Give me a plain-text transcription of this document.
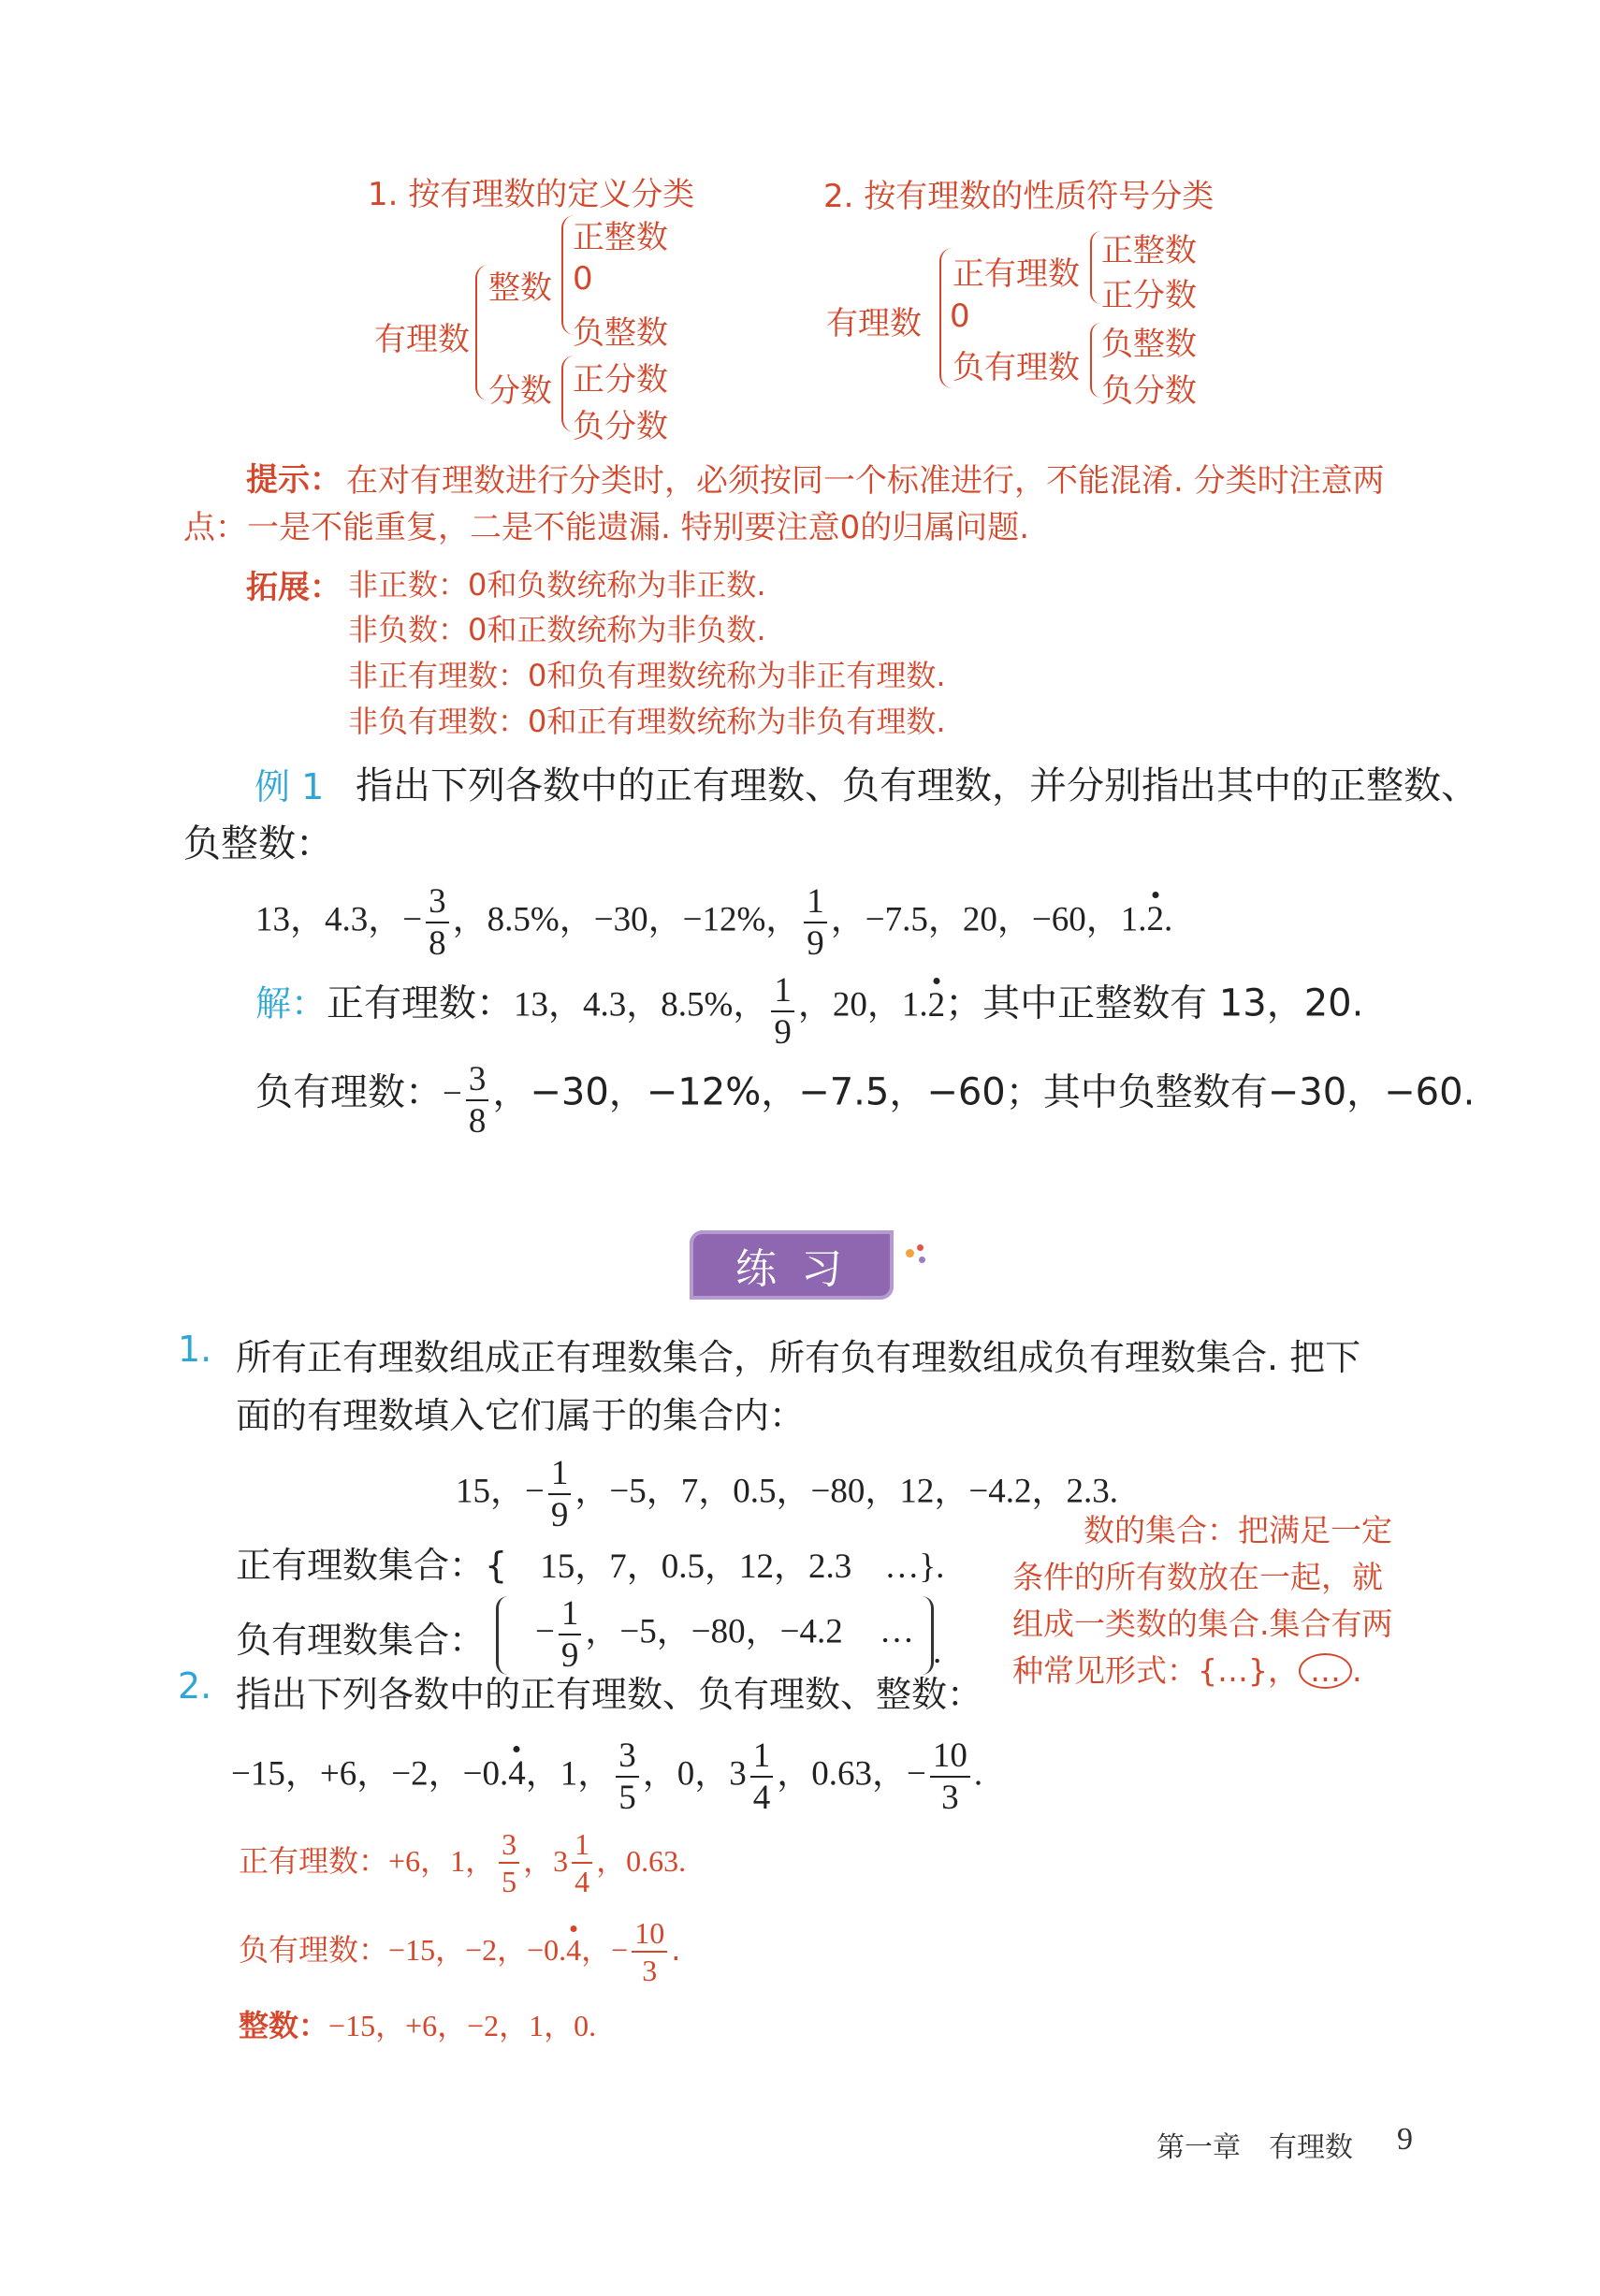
1. 按有理数的定义分类
有理数
整数
正整数
0
负整数
分数 正分数
负分数
2. 按有理数的性质符号分类
有理数
正有理数
正整数
正分数
0
负有理数
负整数
负分数
提示： 在对有理数进行分类时，必须按同一个标准进行，不能混淆. 分类时注意两
点：一是不能重复，二是不能遗漏. 特别要注意0的归属问题.
拓展： 非正数：0和负数统称为非正数.
非负数：0和正数统称为非负数.
非正有理数：0和负有理数统称为非正有理数.
非负有理数：0和正有理数统称为非负有理数.
例 1 指出下列各数中的正有理数、负有理数，并分别指出其中的正整数、
负整数：
13，4.3，− $\frac{3}{8}$ ，8.5%，−30，−12%， $\frac{1}{9}$ ，−7.5，20，−60，1.2.
解：正有理数：13，4.3，8.5%， $\frac{1}{9}$ ，20，1.2；其中正整数有 13，20.
负有理数：− $\frac{3}{8}$ ，−30，−12%，−7.5，−60；其中负整数有−30，−60.
练习
1. 所有正有理数组成正有理数集合，所有负有理数组成负有理数集合. 把下
面的有理数填入它们属于的集合内：
15，− $\frac{1}{9}$ ，−5，7，0.5，−80，12，−4.2，2.3.
正有理数集合：{ 15，7，0.5，12，2.3 …}.
负有理数集合： − $\frac{1}{9}$ ，−5，−80，−4.2 …
.
数的集合：把满足一定
条件的所有数放在一起，就
组成一类数的集合.集合有两
种常见形式：{…}， … .
2. 指出下列各数中的正有理数、负有理数、整数：
−15，+6，−2，−0.4，1， $\frac{3}{5}$ ，0，$3 \frac{1}{4}$ ，0.63，− $\frac{10}{3}$ .
正有理数：+6，1， $\frac{3}{5}$ ，$3 \frac{1}{4}$ ，0.63.
负有理数：−15，−2，−0.4，− $\frac{10}{3}$ .
整数：−15，+6，−2，1，0.
第一章　有理数 9
